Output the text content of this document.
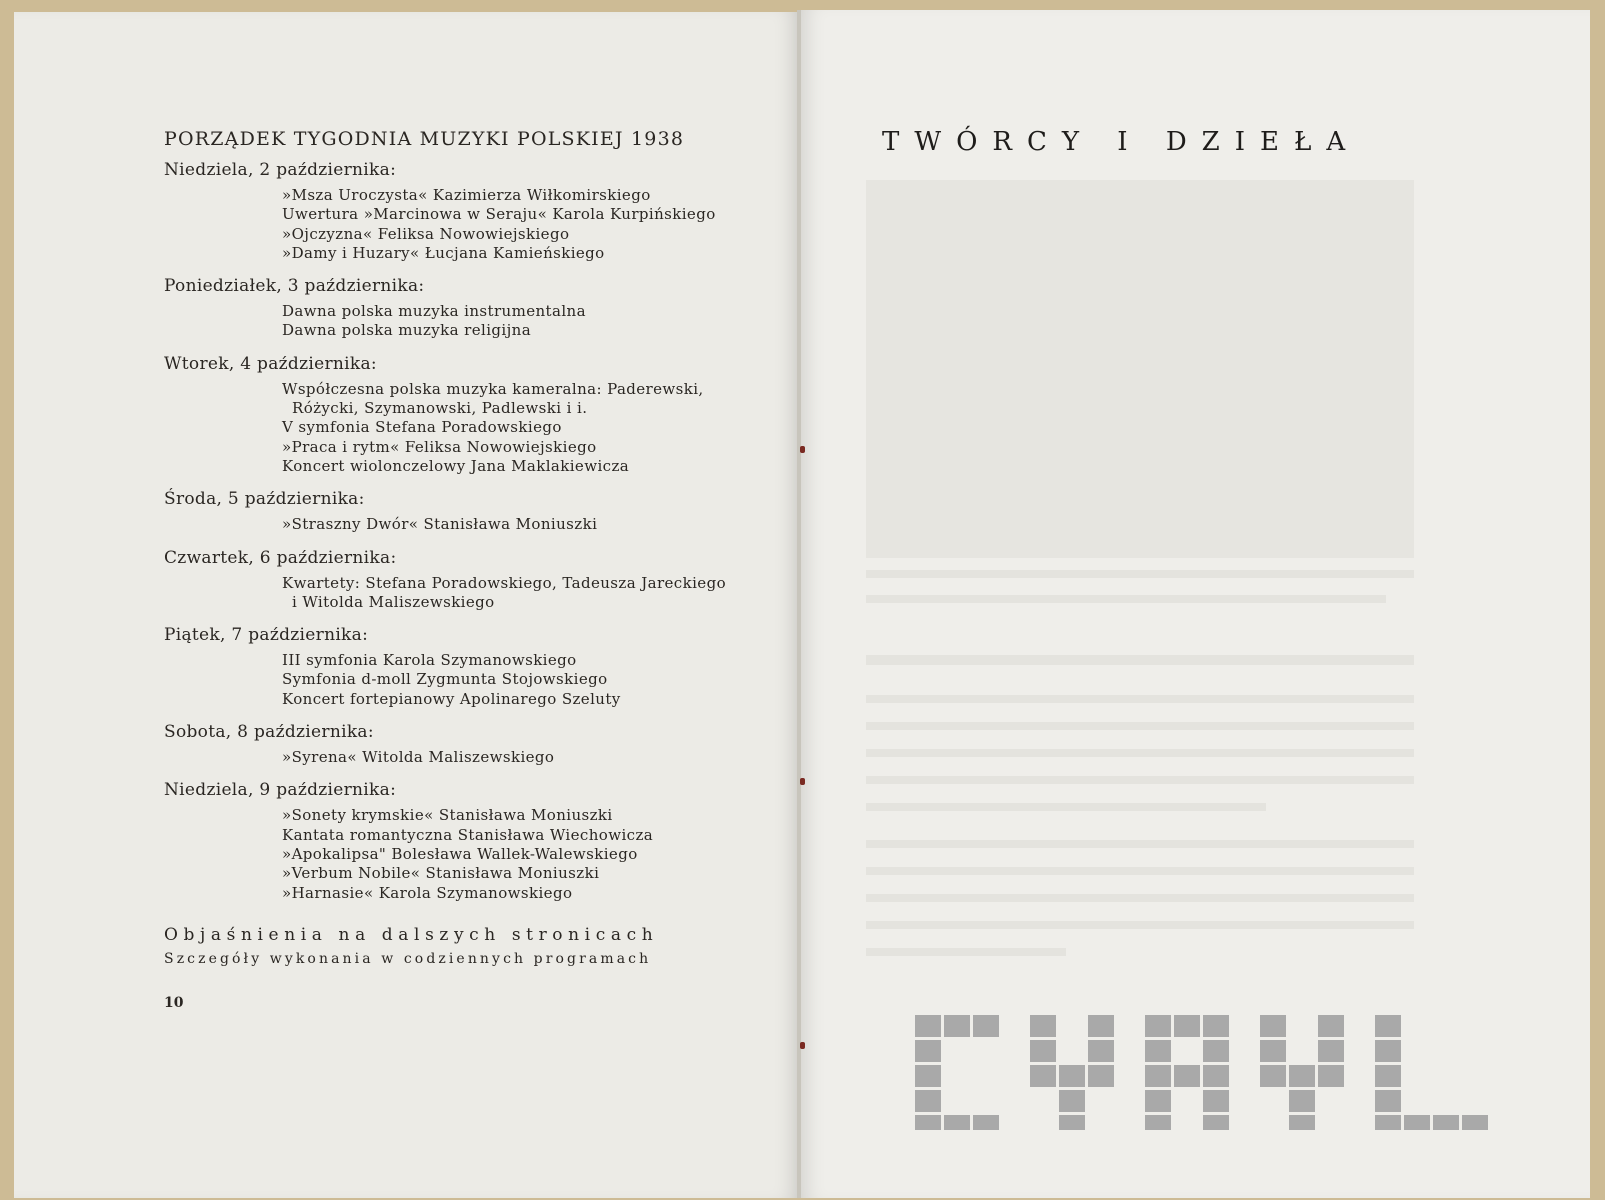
PORZĄDEK TYGODNIA MUZYKI POLSKIEJ 1938

Niedziela, 2 października:

»Msza Uroczysta« Kazimierza Wiłkomirskiego
Uwertura »Marcinowa w Seraju« Karola Kurpińskiego
»Ojczyzna« Feliksa Nowowiejskiego
»Damy i Huzary« Łucjana Kamieńskiego

Poniedziałek, 3 października:

Dawna polska muzyka instrumentalna
Dawna polska muzyka religijna

Wtorek, 4 października:

Współczesna polska muzyka kameralna: Paderewski,
Różycki, Szymanowski, Padlewski i i.
V symfonia Stefana Poradowskiego
»Praca i rytm« Feliksa Nowowiejskiego
Koncert wiolonczelowy Jana Maklakiewicza

Środa, 5 października:

»Straszny Dwór« Stanisława Moniuszki

Czwartek, 6 października:

Kwartety: Stefana Poradowskiego, Tadeusza Jareckiego
i Witolda Maliszewskiego

Piątek, 7 października:

III symfonia Karola Szymanowskiego
Symfonia d-moll Zygmunta Stojowskiego
Koncert fortepianowy Apolinarego Szeluty

Sobota, 8 października:

»Syrena« Witolda Maliszewskiego

Niedziela, 9 października:

»Sonety krymskie« Stanisława Moniuszki
Kantata romantyczna Stanisława Wiechowicza
»Apokalipsa" Bolesława Wallek-Walewskiego
»Verbum Nobile« Stanisława Moniuszki
»Harnasie« Karola Szymanowskiego

Objaśnienia na dalszych stronicach

Szczegóły wykonania w codziennych programach

10
TWÓRCY I DZIEŁA
